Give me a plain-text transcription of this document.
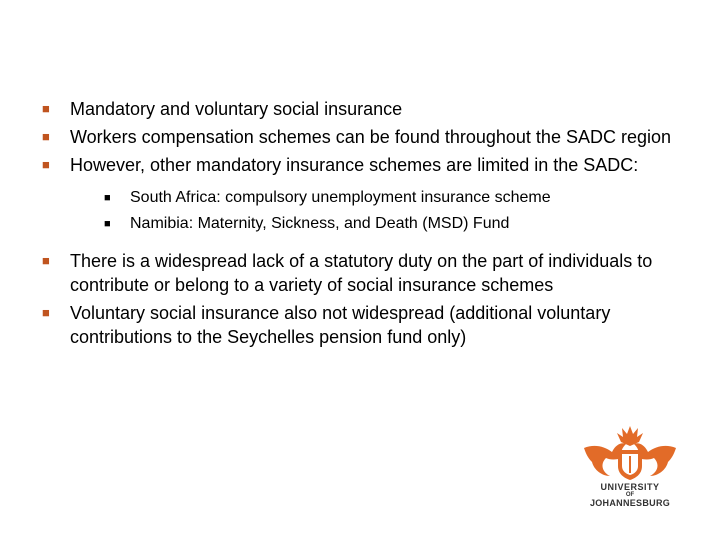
■ Mandatory and voluntary social insurance
■ Workers compensation schemes can be found throughout the SADC region
■ However, other mandatory insurance schemes are limited in the SADC:
■ South Africa: compulsory unemployment insurance scheme
■ Namibia: Maternity, Sickness, and Death (MSD) Fund
■ There is a widespread lack of a statutory duty on the part of individuals to contribute or belong to a variety of social insurance schemes
■ Voluntary social insurance also not widespread (additional voluntary contributions to the Seychelles pension fund only)
UNIVERSITY
OF
JOHANNESBURG
